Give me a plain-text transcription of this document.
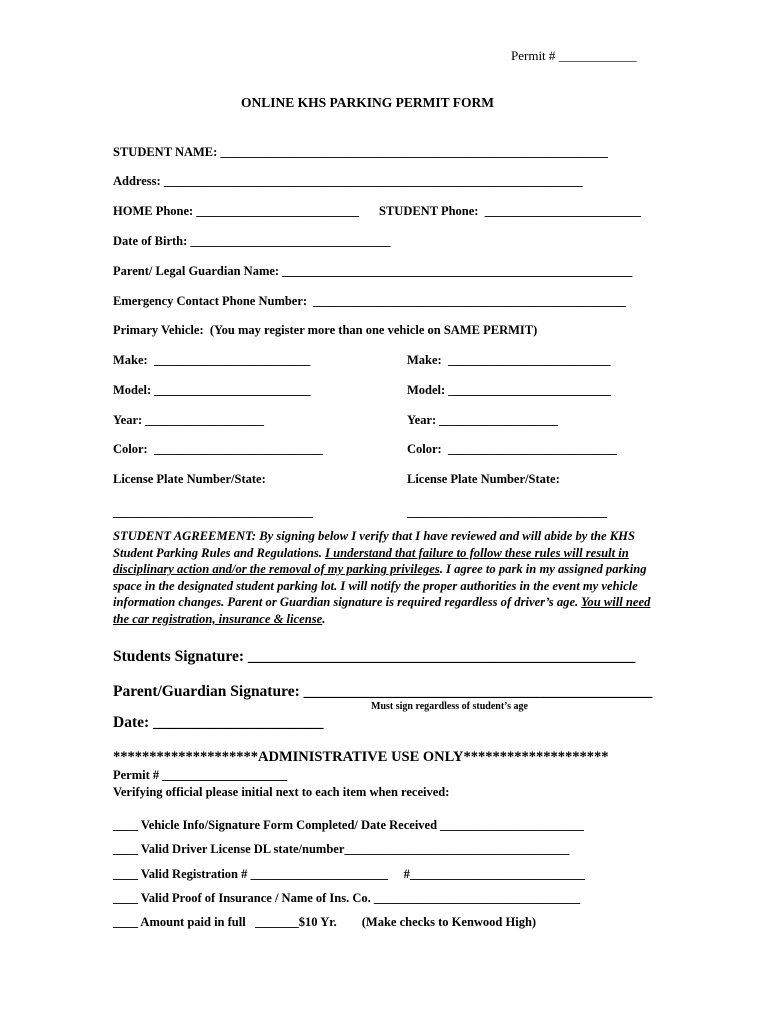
Permit # ____________
ONLINE KHS PARKING PERMIT FORM
STUDENT NAME: ______________________________________________________________
Address: ___________________________________________________________________
HOME Phone: __________________________ STUDENT Phone:  _________________________
Date of Birth: ________________________________
Parent/ Legal Guardian Name: ________________________________________________________
Emergency Contact Phone Number:  __________________________________________________
Primary Vehicle:  (You may register more than one vehicle on SAME PERMIT)
Make:  _________________________
Model: _________________________
Year: ___________________
Color:  ___________________________
License Plate Number/State:
________________________________
Make:  __________________________
Model: __________________________
Year: ___________________
Color:  ___________________________
License Plate Number/State:
________________________________
STUDENT AGREEMENT: By signing below I verify that I have reviewed and will abide by the KHS Student Parking Rules and Regulations. I understand that failure to follow these rules will result in disciplinary action and/or the removal of my parking privileges. I agree to park in my assigned parking space in the designated student parking lot. I will notify the proper authorities in the event my vehicle information changes. Parent or Guardian signature is required regardless of driver’s age. You will need the car registration, insurance & license.
Students Signature: __________________________________________________
Parent/Guardian Signature: _____________________________________________
Must sign regardless of student’s age
Date: ______________________
********************ADMINISTRATIVE USE ONLY********************
Permit # ____________________
Verifying official please initial next to each item when received:
____ Vehicle Info/Signature Form Completed/ Date Received _______________________
____ Valid Driver License DL state/number____________________________________
____ Valid Registration # ______________________     #____________________________
____ Valid Proof of Insurance / Name of Ins. Co. _________________________________
____ Amount paid in full   _______$10 Yr.        (Make checks to Kenwood High)
